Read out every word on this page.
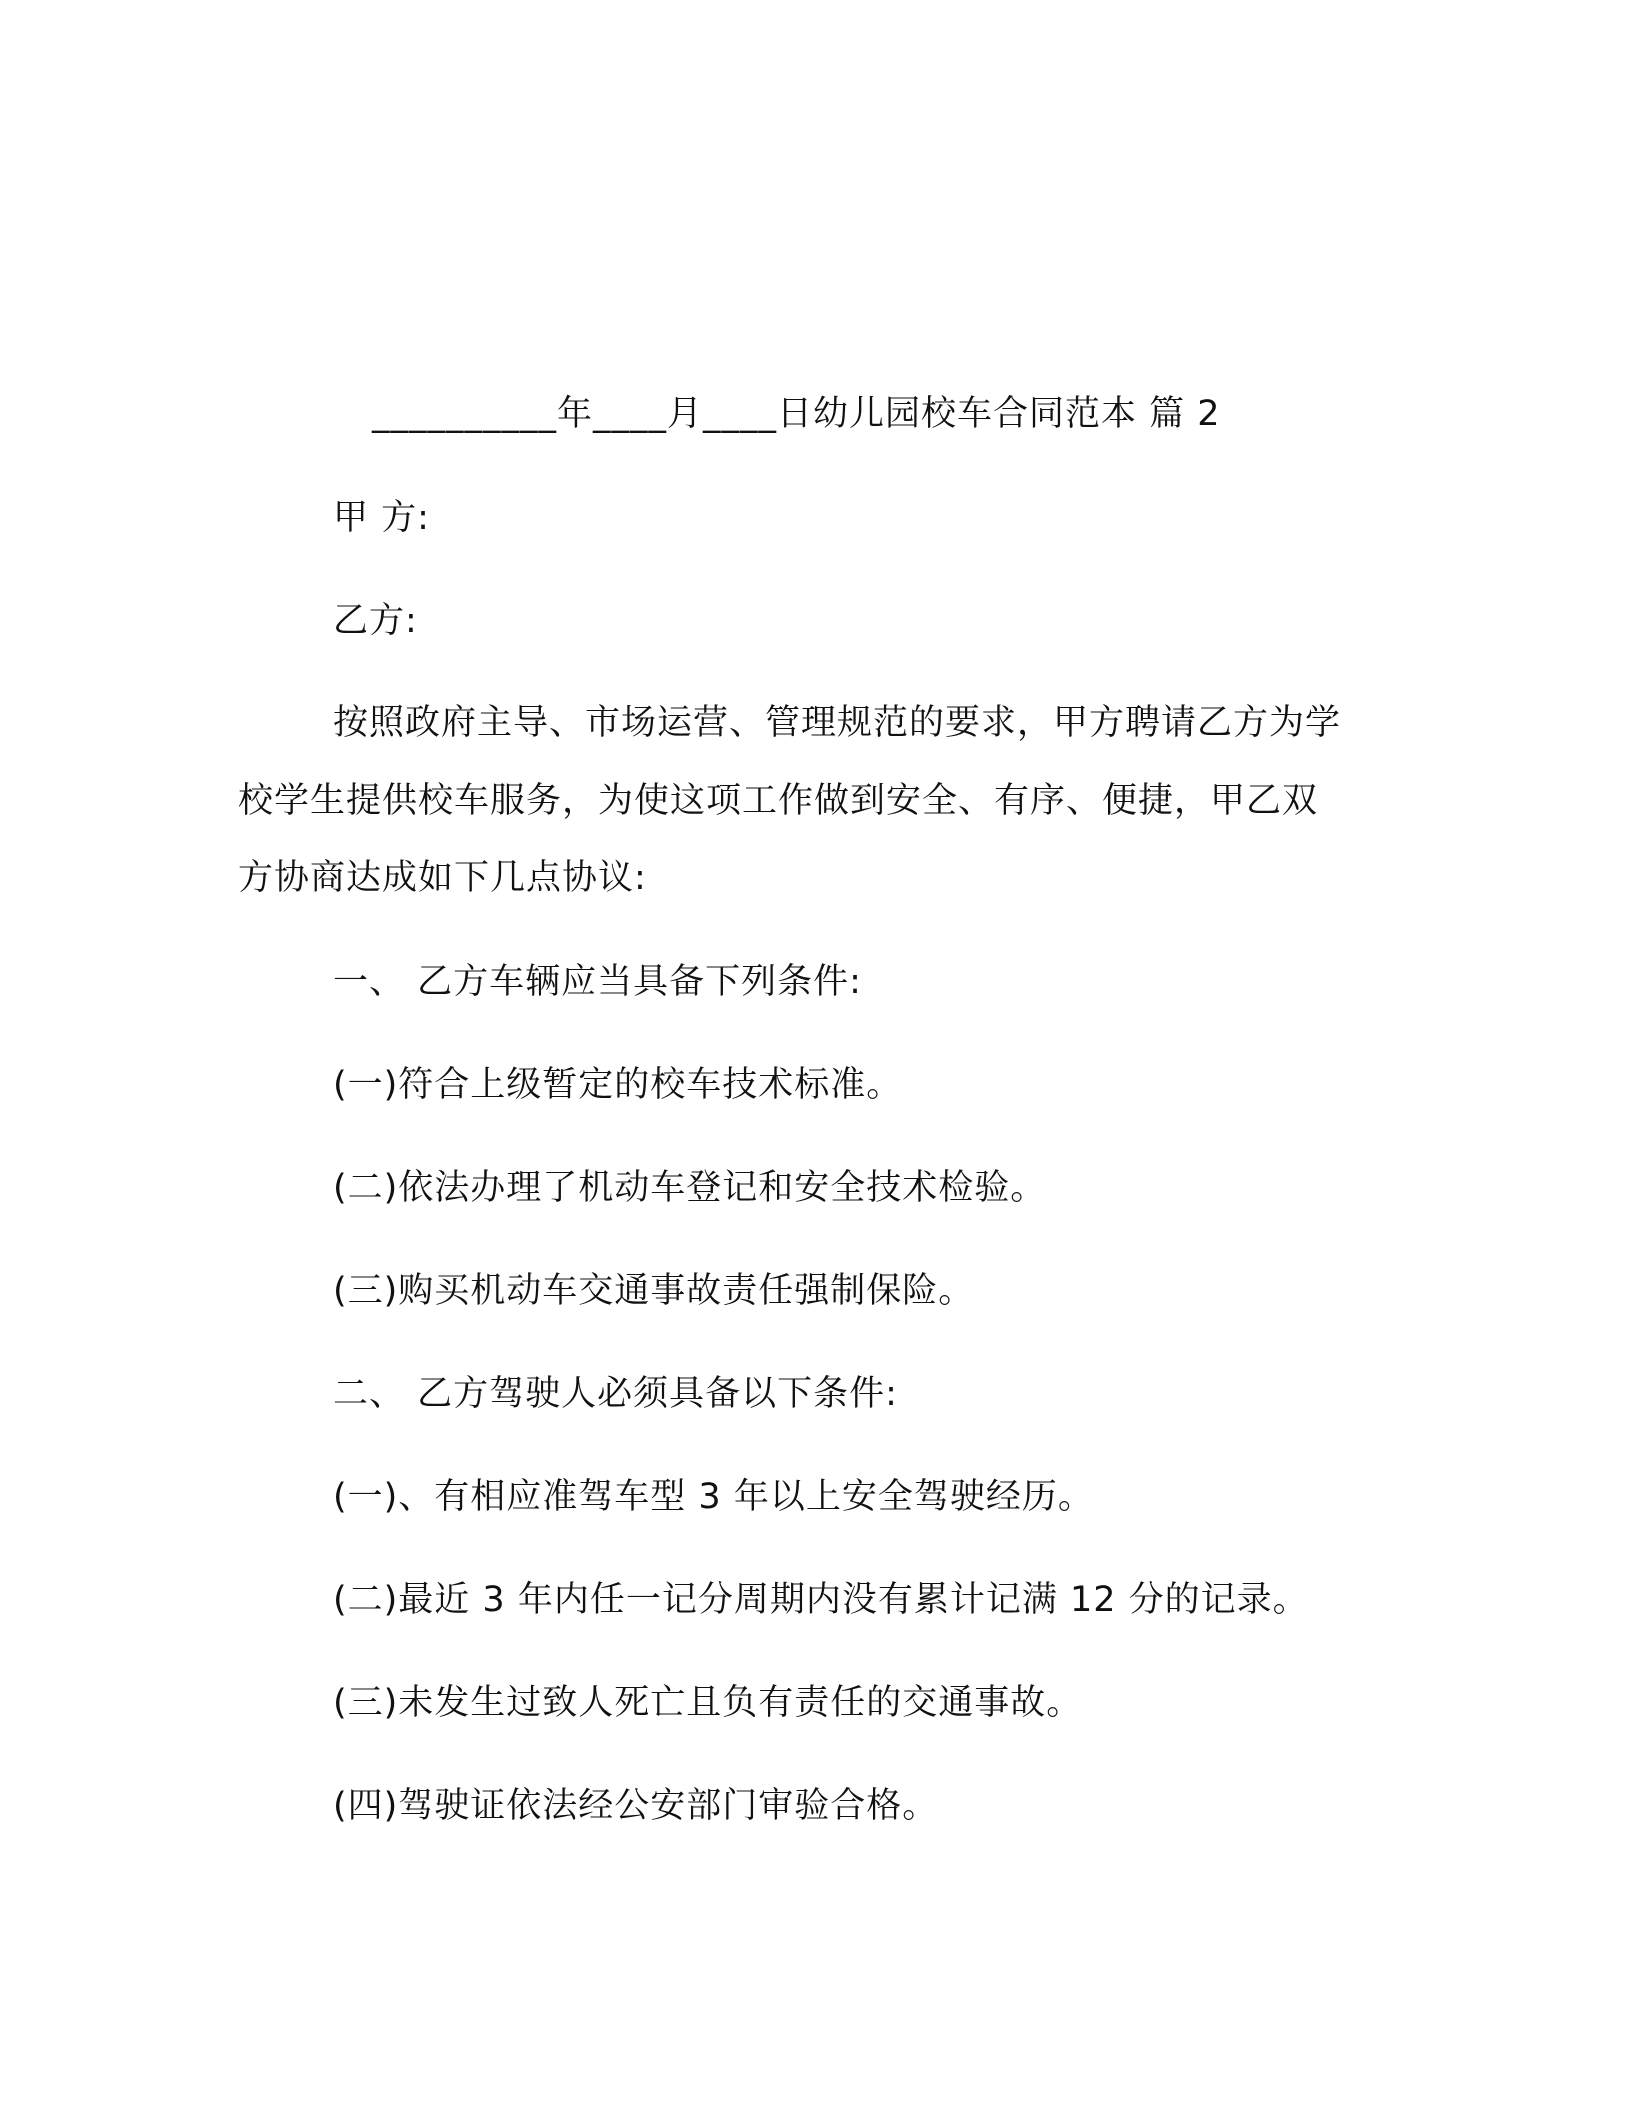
__________年____月____日幼儿园校车合同范本 篇 2
甲 方:
乙方:
按照政府主导、市场运营、管理规范的要求，甲方聘请乙方为学
校学生提供校车服务，为使这项工作做到安全、有序、便捷，甲乙双
方协商达成如下几点协议:
一、 乙方车辆应当具备下列条件:
(一)符合上级暂定的校车技术标准。
(二)依法办理了机动车登记和安全技术检验。
(三)购买机动车交通事故责任强制保险。
二、 乙方驾驶人必须具备以下条件:
(一)、有相应准驾车型 3 年以上安全驾驶经历。
(二)最近 3 年内任一记分周期内没有累计记满 12 分的记录。
(三)未发生过致人死亡且负有责任的交通事故。
(四)驾驶证依法经公安部门审验合格。
